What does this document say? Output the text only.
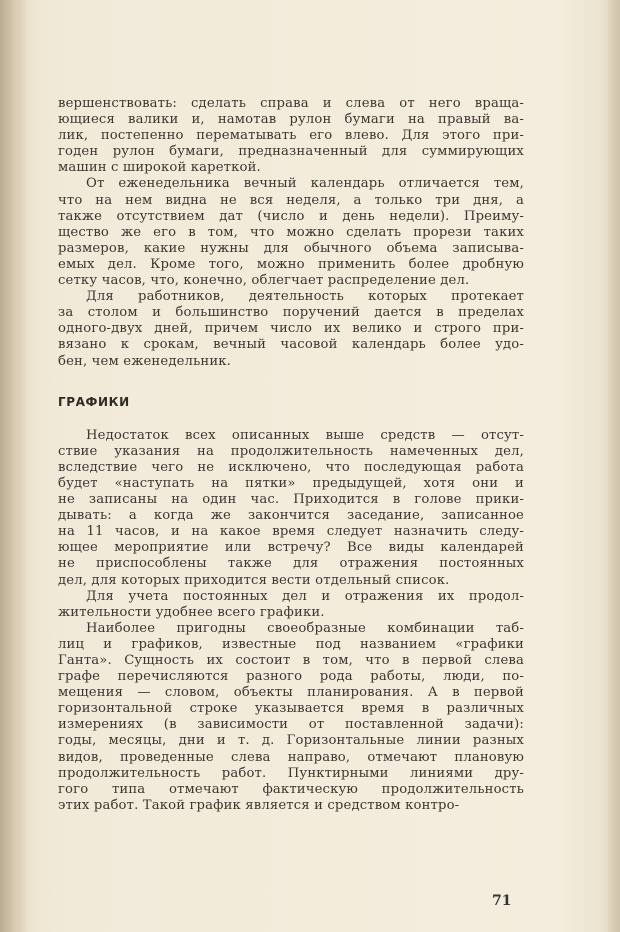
вершенствовать: сделать справа и слева от него враща-
ющиеся валики и, намотав рулон бумаги на правый ва-
лик, постепенно перематывать его влево. Для этого при-
годен рулон бумаги, предназначенный для суммирующих
машин с широкой кареткой.
От еженедельника вечный календарь отличается тем,
что на нем видна не вся неделя, а только три дня, а
также отсутствием дат (число и день недели). Преиму-
щество же его в том, что можно сделать прорези таких
размеров, какие нужны для обычного объема записыва-
емых дел. Кроме того, можно применить более дробную
сетку часов, что, конечно, облегчает распределение дел.
Для работников, деятельность которых протекает
за столом и большинство поручений дается в пределах
одного-двух дней, причем число их велико и строго при-
вязано к срокам, вечный часовой календарь более удо-
бен, чем еженедельник.
ГРАФИКИ
Недостаток всех описанных выше средств — отсут-
ствие указания на продолжительность намеченных дел,
вследствие чего не исключено, что последующая работа
будет «наступать на пятки» предыдущей, хотя они и
не записаны на один час. Приходится в голове прики-
дывать: а когда же закончится заседание, записанное
на 11 часов, и на какое время следует назначить следу-
ющее мероприятие или встречу? Все виды календарей
не приспособлены также для отражения постоянных
дел, для которых приходится вести отдельный список.
Для учета постоянных дел и отражения их продол-
жительности удобнее всего графики.
Наиболее пригодны своеобразные комбинации таб-
лиц и графиков, известные под названием «графики
Ганта». Сущность их состоит в том, что в первой слева
графе перечисляются разного рода работы, люди, по-
мещения — словом, объекты планирования. А в первой
горизонтальной строке указывается время в различных
измерениях (в зависимости от поставленной задачи):
годы, месяцы, дни и т. д. Горизонтальные линии разных
видов, проведенные слева направо, отмечают плановую
продолжительность работ. Пунктирными линиями дру-
гого типа отмечают фактическую продолжительность
этих работ. Такой график является и средством контро-
71
